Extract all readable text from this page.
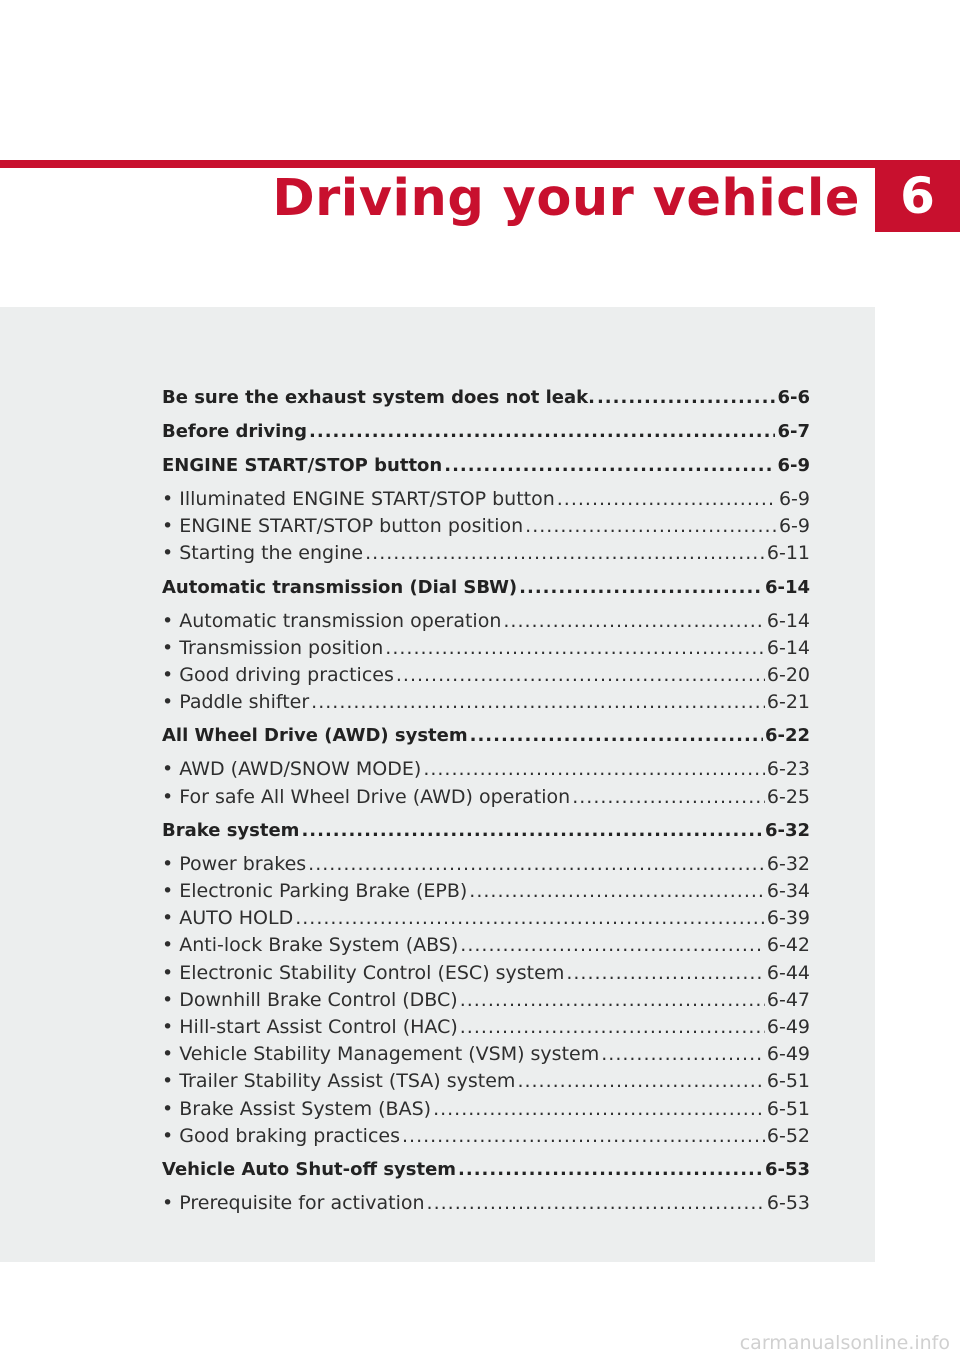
Driving your vehicle 6
Be sure the exhaust system does not leak. .....	6-6
Before driving .....	6-7
ENGINE START/STOP button .....	6-9
• Illuminated ENGINE START/STOP button .....	6-9
• ENGINE START/STOP button position .....	6-9
• Starting the engine .....	6-11
Automatic transmission (Dial SBW) .....	6-14
• Automatic transmission operation .....	6-14
• Transmission position .....	6-14
• Good driving practices .....	6-20
• Paddle shifter .....	6-21
All Wheel Drive (AWD) system .....	6-22
• AWD (AWD/SNOW MODE) .....	6-23
• For safe All Wheel Drive (AWD) operation .....	6-25
Brake system .....	6-32
• Power brakes .....	6-32
• Electronic Parking Brake (EPB) .....	6-34
• AUTO HOLD .....	6-39
• Anti-lock Brake System (ABS) .....	6-42
• Electronic Stability Control (ESC) system .....	6-44
• Downhill Brake Control (DBC) .....	6-47
• Hill-start Assist Control (HAC) .....	6-49
• Vehicle Stability Management (VSM) system .....	6-49
• Trailer Stability Assist (TSA) system .....	6-51
• Brake Assist System (BAS) .....	6-51
• Good braking practices .....	6-52
Vehicle Auto Shut-off system .....	6-53
• Prerequisite for activation .....	6-53

carmanualsonline.info
